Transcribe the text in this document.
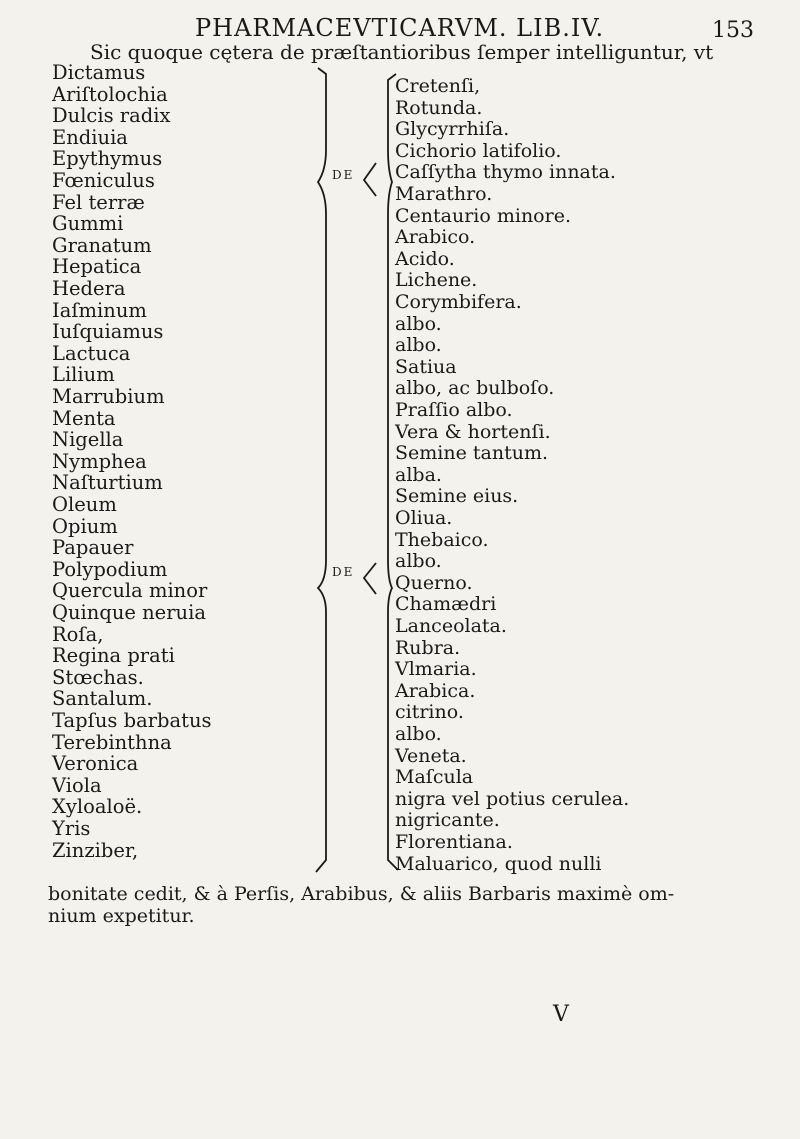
PHARMACEVTICARVM. LIB.IV.	153
Sic quoque cętera de præſtantioribus ſemper intelliguntur, vt
Dictamus
Ariſtolochia
Dulcis radix
Endiuia
Epythymus
Fœniculus
Fel terræ
Gummi
Granatum
Hepatica
Hedera
Iaſminum
Iuſquiamus
Lactuca
Lilium
Marrubium
Menta
Nigella
Nymphea
Naſturtium
Oleum
Opium
Papauer
Polypodium
Quercula minor
Quinque neruia
Roſa,
Regina prati
Stœchas.
Santalum.
Tapſus barbatus
Terebinthna
Veronica
Viola
Xyloaloë.
Yris
Zinziber,
Cretenſi,
Rotunda.
Glycyrrhiſa.
Cichorio latifolio.
Caſſytha thymo innata.
Marathro.
Centaurio minore.
Arabico.
Acido.
Lichene.
Corymbifera.
albo.
albo.
Satiua
albo, ac bulboſo.
Praſſio albo.
Vera & hortenſi.
Semine tantum.
alba.
Semine eius.
Oliua.
Thebaico.
albo.
Querno.
Chamædri
Lanceolata.
Rubra.
Vlmaria.
Arabica.
citrino.
albo.
Veneta.
Maſcula
nigra vel potius cerulea.
nigricante.
Florentiana.
Maluarico, quod nulli
DE
DE
bonitate cedit, & à Perſis, Arabibus, & aliis Barbaris maximè om-
nium expetitur.
V
